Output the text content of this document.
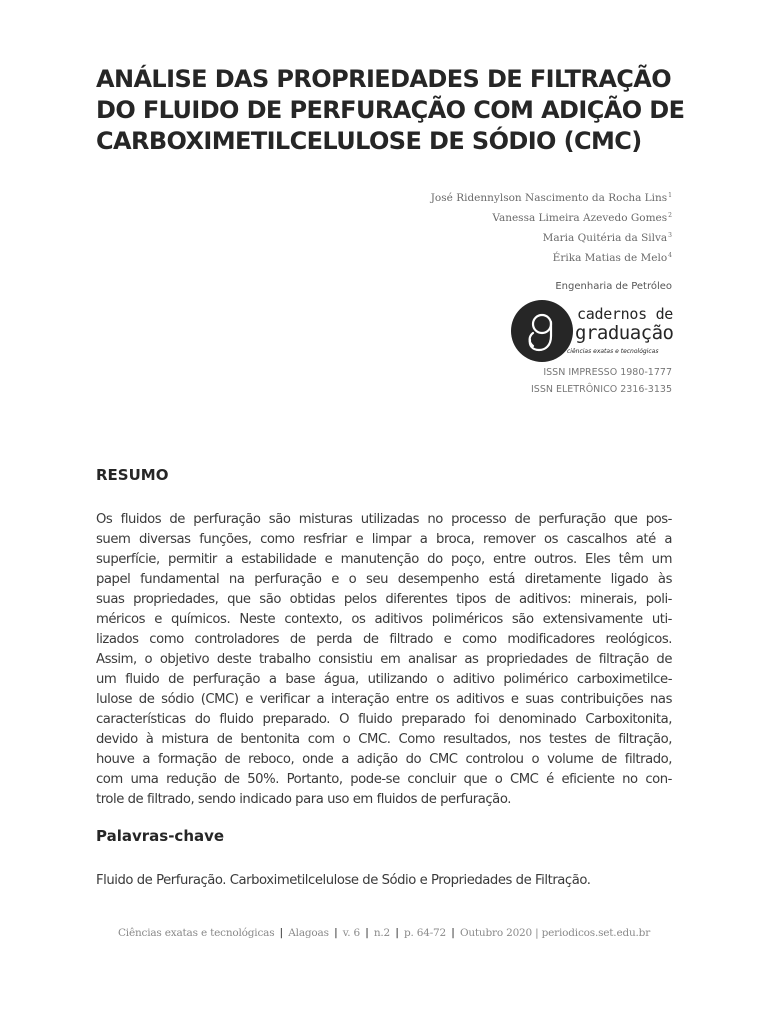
ANÁLISE DAS PROPRIEDADES DE FILTRAÇÃO
DO FLUIDO DE PERFURAÇÃO COM ADIÇÃO DE
CARBOXIMETILCELULOSE DE SÓDIO (CMC)
José Ridennylson Nascimento da Rocha Lins$^1$
Vanessa Limeira Azevedo Gomes$^2$
Maria Quitéria da Silva$^3$
Érika Matias de Melo$^4$
Engenharia de Petróleo
cadernos de
graduação
ciências exatas e tecnológicas
ISSN IMPRESSO 1980-1777
ISSN ELETRÔNICO 2316-3135
RESUMO

Os fluidos de perfuração são misturas utilizadas no processo de perfuração que pos-
suem diversas funções, como resfriar e limpar a broca, remover os cascalhos até a
superfície, permitir a estabilidade e manutenção do poço, entre outros. Eles têm um
papel fundamental na perfuração e o seu desempenho está diretamente ligado às
suas propriedades, que são obtidas pelos diferentes tipos de aditivos: minerais, poli-
méricos e químicos. Neste contexto, os aditivos poliméricos são extensivamente uti-
lizados como controladores de perda de filtrado e como modificadores reológicos.
Assim, o objetivo deste trabalho consistiu em analisar as propriedades de filtração de
um fluido de perfuração a base água, utilizando o aditivo polimérico carboximetilce-
lulose de sódio (CMC) e verificar a interação entre os aditivos e suas contribuições nas
características do fluido preparado. O fluido preparado foi denominado Carboxitonita,
devido à mistura de bentonita com o CMC. Como resultados, nos testes de filtração,
houve a formação de reboco, onde a adição do CMC controlou o volume de filtrado,
com uma redução de 50%. Portanto, pode-se concluir que o CMC é eficiente no con-
trole de filtrado, sendo indicado para uso em fluidos de perfuração.

Palavras-chave
Fluido de Perfuração. Carboximetilcelulose de Sódio e Propriedades de Filtração.
Ciências exatas e tecnológicas | Alagoas | v. 6 | n.2 | p. 64-72 | Outubro 2020 | periodicos.set.edu.br
